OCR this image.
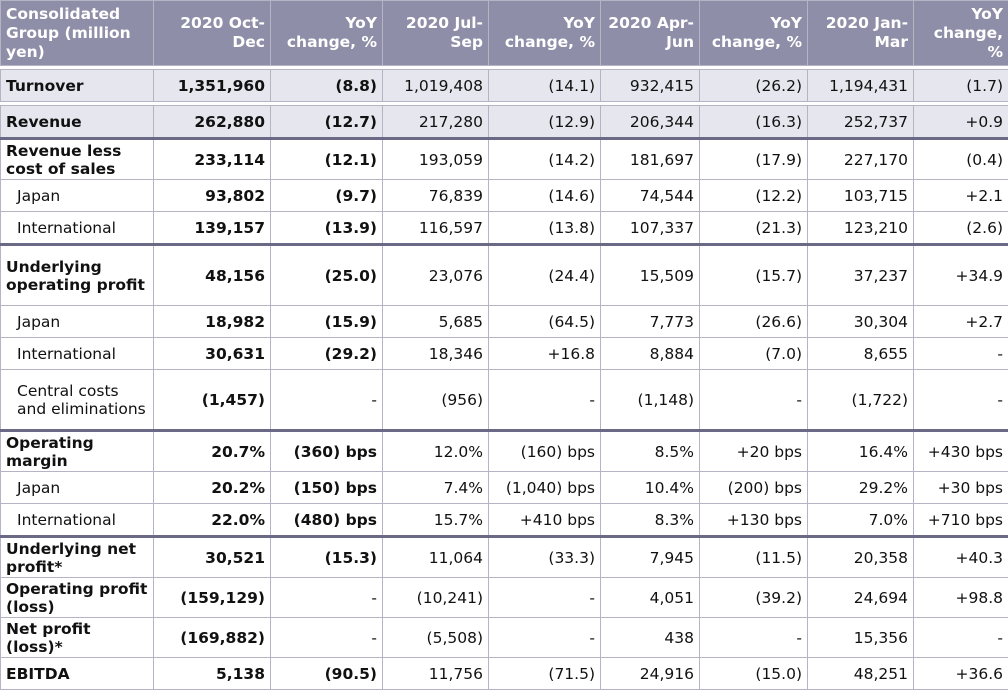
Consolidated Group (million yen)	2020 Oct-Dec	YoY change, %	2020 Jul-Sep	YoY change, %	2020 Apr-Jun	YoY change, %	2020 Jan-Mar	YoY change, %

Turnover	1,351,960	(8.8)	1,019,408	(14.1)	932,415	(26.2)	1,194,431	(1.7)

Revenue	262,880	(12.7)	217,280	(12.9)	206,344	(16.3)	252,737	+0.9
Revenue less cost of sales	233,114	(12.1)	193,059	(14.2)	181,697	(17.9)	227,170	(0.4)
Japan	93,802	(9.7)	76,839	(14.6)	74,544	(12.2)	103,715	+2.1
International	139,157	(13.9)	116,597	(13.8)	107,337	(21.3)	123,210	(2.6)
Underlying operating profit	48,156	(25.0)	23,076	(24.4)	15,509	(15.7)	37,237	+34.9
Japan	18,982	(15.9)	5,685	(64.5)	7,773	(26.6)	30,304	+2.7
International	30,631	(29.2)	18,346	+16.8	8,884	(7.0)	8,655	-
Central costs and eliminations	(1,457)	-	(956)	-	(1,148)	-	(1,722)	-
Operating margin	20.7%	(360) bps	12.0%	(160) bps	8.5%	+20 bps	16.4%	+430 bps
Japan	20.2%	(150) bps	7.4%	(1,040) bps	10.4%	(200) bps	29.2%	+30 bps
International	22.0%	(480) bps	15.7%	+410 bps	8.3%	+130 bps	7.0%	+710 bps
Underlying net profit*	30,521	(15.3)	11,064	(33.3)	7,945	(11.5)	20,358	+40.3
Operating profit (loss)	(159,129)	-	(10,241)	-	4,051	(39.2)	24,694	+98.8
Net profit (loss)*	(169,882)	-	(5,508)	-	438	-	15,356	-
EBITDA	5,138	(90.5)	11,756	(71.5)	24,916	(15.0)	48,251	+36.6
